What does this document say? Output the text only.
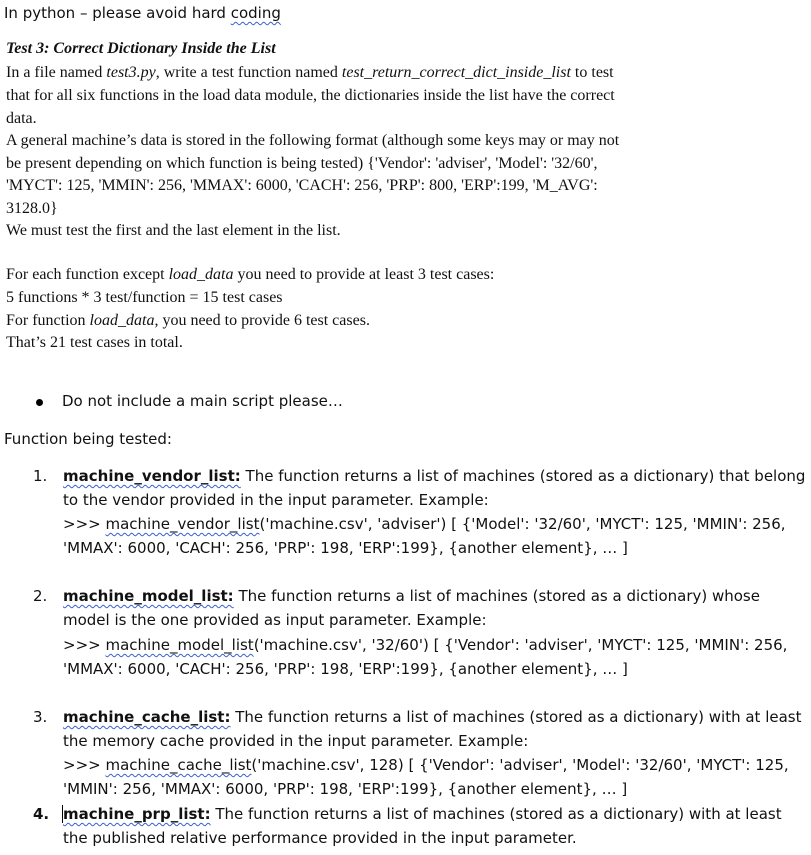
In python – please avoid hard coding
Test 3: Correct Dictionary Inside the List
In a file named test3.py, write a test function named test_return_correct_dict_inside_list to test
that for all six functions in the load data module, the dictionaries inside the list have the correct
data.
A general machine’s data is stored in the following format (although some keys may or may not
be present depending on which function is being tested) {'Vendor': 'adviser', 'Model': '32/60',
'MYCT': 125, 'MMIN': 256, 'MMAX': 6000, 'CACH': 256, 'PRP': 800, 'ERP':199, 'M_AVG':
3128.0}
We must test the first and the last element in the list.
For each function except load_data you need to provide at least 3 test cases:
5 functions * 3 test/function = 15 test cases
For function load_data, you need to provide 6 test cases.
That’s 21 test cases in total.
Do not include a main script please…
Function being tested:
1. machine_vendor_list: The function returns a list of machines (stored as a dictionary) that belong
to the vendor provided in the input parameter. Example:
>>> machine_vendor_list('machine.csv', 'adviser') [ {'Model': '32/60', 'MYCT': 125, 'MMIN': 256,
'MMAX': 6000, 'CACH': 256, 'PRP': 198, 'ERP':199}, {another element}, … ]
2. machine_model_list: The function returns a list of machines (stored as a dictionary) whose
model is the one provided as input parameter. Example:
>>> machine_model_list('machine.csv', '32/60') [ {'Vendor': 'adviser', 'MYCT': 125, 'MMIN': 256,
'MMAX': 6000, 'CACH': 256, 'PRP': 198, 'ERP':199}, {another element}, … ]
3. machine_cache_list: The function returns a list of machines (stored as a dictionary) with at least
the memory cache provided in the input parameter. Example:
>>> machine_cache_list('machine.csv', 128) [ {'Vendor': 'adviser', 'Model': '32/60', 'MYCT': 125,
'MMIN': 256, 'MMAX': 6000, 'PRP': 198, 'ERP':199}, {another element}, … ]
4. machine_prp_list: The function returns a list of machines (stored as a dictionary) with at least
the published relative performance provided in the input parameter.
